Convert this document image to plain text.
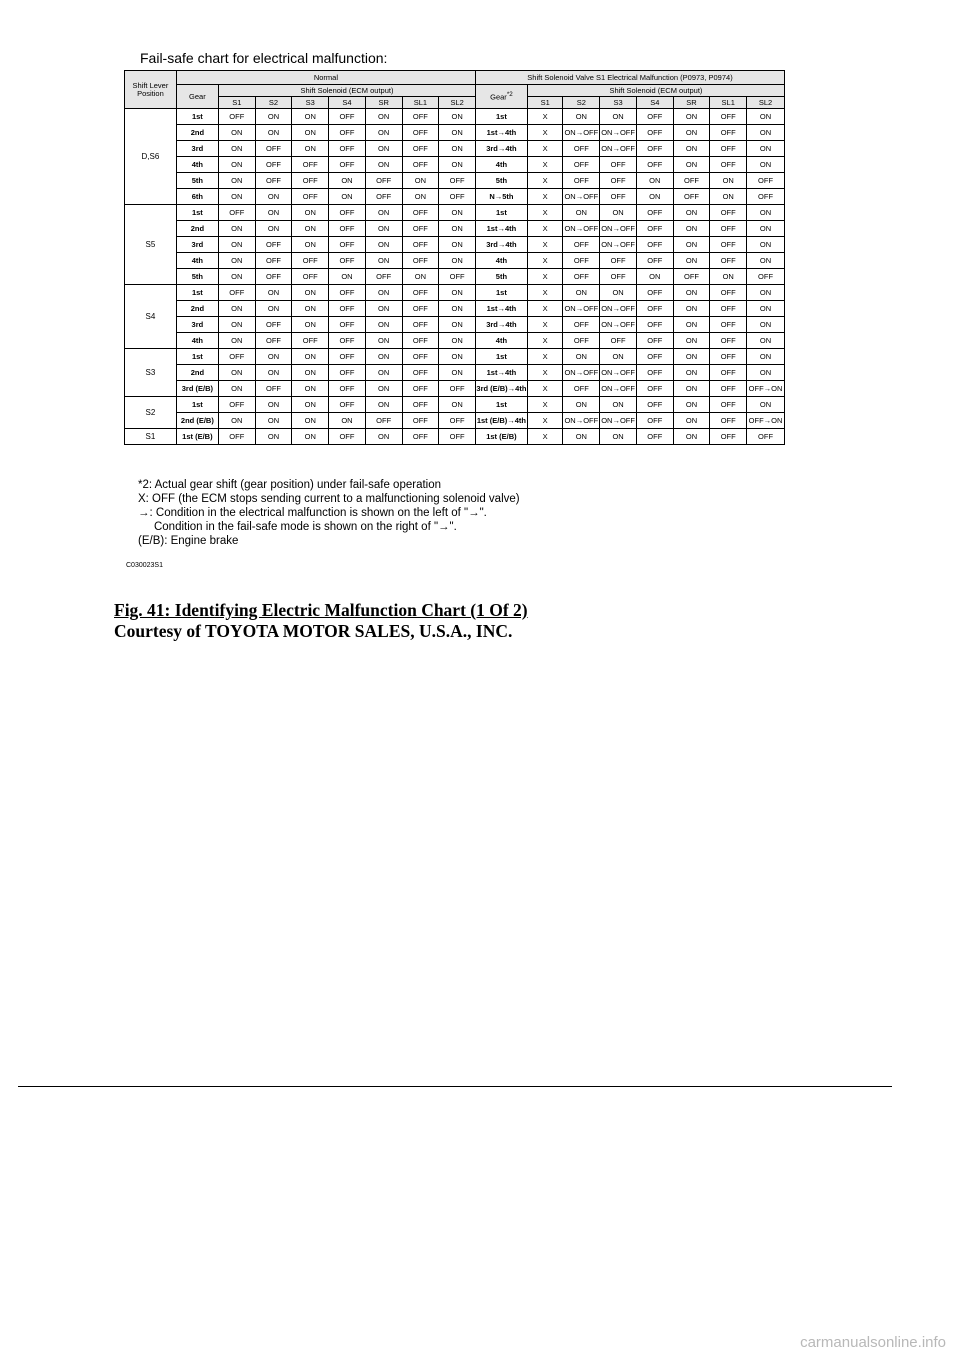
Fail-safe chart for electrical malfunction:
Shift Lever Position	Normal								Shift Solenoid Valve S1 Electrical Malfunction (P0973, P0974)							
	Gear	Shift Solenoid (ECM output)							Gear$^{*2}$	Shift Solenoid (ECM output)						
		S1	S2	S3	S4	SR	SL1	SL2		S1	S2	S3	S4	SR	SL1	SL2
D,S6	1st	OFF	ON	ON	OFF	ON	OFF	ON	1st	X	ON	ON	OFF	ON	OFF	ON
	2nd	ON	ON	ON	OFF	ON	OFF	ON	1st→4th	X	ON→OFF	ON→OFF	OFF	ON	OFF	ON
	3rd	ON	OFF	ON	OFF	ON	OFF	ON	3rd→4th	X	OFF	ON→OFF	OFF	ON	OFF	ON
	4th	ON	OFF	OFF	OFF	ON	OFF	ON	4th	X	OFF	OFF	OFF	ON	OFF	ON
	5th	ON	OFF	OFF	ON	OFF	ON	OFF	5th	X	OFF	OFF	ON	OFF	ON	OFF
	6th	ON	ON	OFF	ON	OFF	ON	OFF	N→5th	X	ON→OFF	OFF	ON	OFF	ON	OFF
S5	1st	OFF	ON	ON	OFF	ON	OFF	ON	1st	X	ON	ON	OFF	ON	OFF	ON
	2nd	ON	ON	ON	OFF	ON	OFF	ON	1st→4th	X	ON→OFF	ON→OFF	OFF	ON	OFF	ON
	3rd	ON	OFF	ON	OFF	ON	OFF	ON	3rd→4th	X	OFF	ON→OFF	OFF	ON	OFF	ON
	4th	ON	OFF	OFF	OFF	ON	OFF	ON	4th	X	OFF	OFF	OFF	ON	OFF	ON
	5th	ON	OFF	OFF	ON	OFF	ON	OFF	5th	X	OFF	OFF	ON	OFF	ON	OFF
S4	1st	OFF	ON	ON	OFF	ON	OFF	ON	1st	X	ON	ON	OFF	ON	OFF	ON
	2nd	ON	ON	ON	OFF	ON	OFF	ON	1st→4th	X	ON→OFF	ON→OFF	OFF	ON	OFF	ON
	3rd	ON	OFF	ON	OFF	ON	OFF	ON	3rd→4th	X	OFF	ON→OFF	OFF	ON	OFF	ON
	4th	ON	OFF	OFF	OFF	ON	OFF	ON	4th	X	OFF	OFF	OFF	ON	OFF	ON
S3	1st	OFF	ON	ON	OFF	ON	OFF	ON	1st	X	ON	ON	OFF	ON	OFF	ON
	2nd	ON	ON	ON	OFF	ON	OFF	ON	1st→4th	X	ON→OFF	ON→OFF	OFF	ON	OFF	ON
	3rd (E/B)	ON	OFF	ON	OFF	ON	OFF	OFF	3rd (E/B)→4th	X	OFF	ON→OFF	OFF	ON	OFF	OFF→ON
S2	1st	OFF	ON	ON	OFF	ON	OFF	ON	1st	X	ON	ON	OFF	ON	OFF	ON
	2nd (E/B)	ON	ON	ON	ON	OFF	OFF	OFF	1st (E/B)→4th	X	ON→OFF	ON→OFF	OFF	ON	OFF	OFF→ON
S1	1st (E/B)	OFF	ON	ON	OFF	ON	OFF	OFF	1st (E/B)	X	ON	ON	OFF	ON	OFF	OFF
*2: Actual gear shift (gear position) under fail-safe operation
X: OFF (the ECM stops sending current to a malfunctioning solenoid valve)
→: Condition in the electrical malfunction is shown on the left of "→".
Condition in the fail-safe mode is shown on the right of "→".
(E/B): Engine brake
C030023S1
Fig. 41: Identifying Electric Malfunction Chart (1 Of 2)
Courtesy of TOYOTA MOTOR SALES, U.S.A., INC.
carmanualsonline.info
